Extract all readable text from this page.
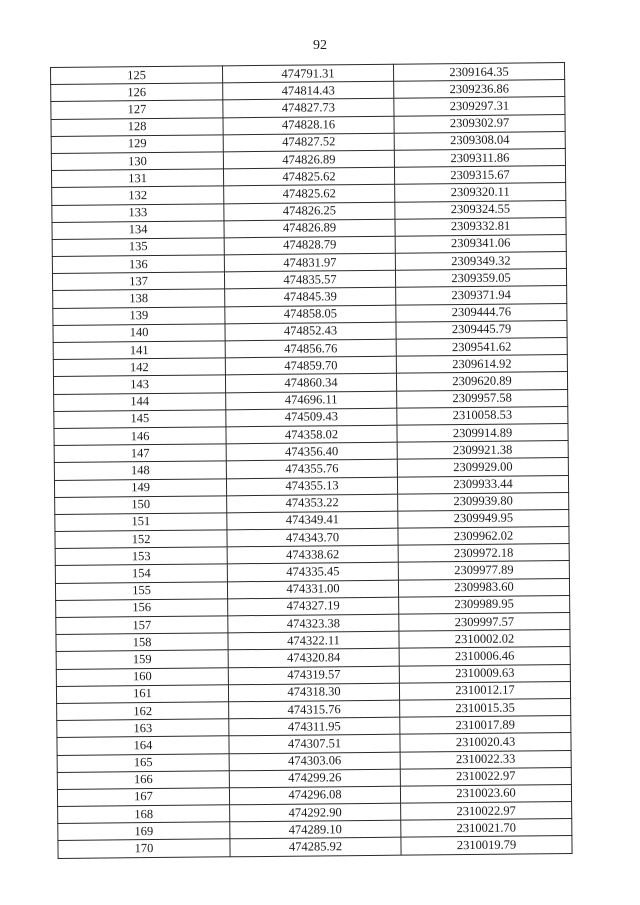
92
125	474791.31	2309164.35
126	474814.43	2309236.86
127	474827.73	2309297.31
128	474828.16	2309302.97
129	474827.52	2309308.04
130	474826.89	2309311.86
131	474825.62	2309315.67
132	474825.62	2309320.11
133	474826.25	2309324.55
134	474826.89	2309332.81
135	474828.79	2309341.06
136	474831.97	2309349.32
137	474835.57	2309359.05
138	474845.39	2309371.94
139	474858.05	2309444.76
140	474852.43	2309445.79
141	474856.76	2309541.62
142	474859.70	2309614.92
143	474860.34	2309620.89
144	474696.11	2309957.58
145	474509.43	2310058.53
146	474358.02	2309914.89
147	474356.40	2309921.38
148	474355.76	2309929.00
149	474355.13	2309933.44
150	474353.22	2309939.80
151	474349.41	2309949.95
152	474343.70	2309962.02
153	474338.62	2309972.18
154	474335.45	2309977.89
155	474331.00	2309983.60
156	474327.19	2309989.95
157	474323.38	2309997.57
158	474322.11	2310002.02
159	474320.84	2310006.46
160	474319.57	2310009.63
161	474318.30	2310012.17
162	474315.76	2310015.35
163	474311.95	2310017.89
164	474307.51	2310020.43
165	474303.06	2310022.33
166	474299.26	2310022.97
167	474296.08	2310023.60
168	474292.90	2310022.97
169	474289.10	2310021.70
170	474285.92	2310019.79
